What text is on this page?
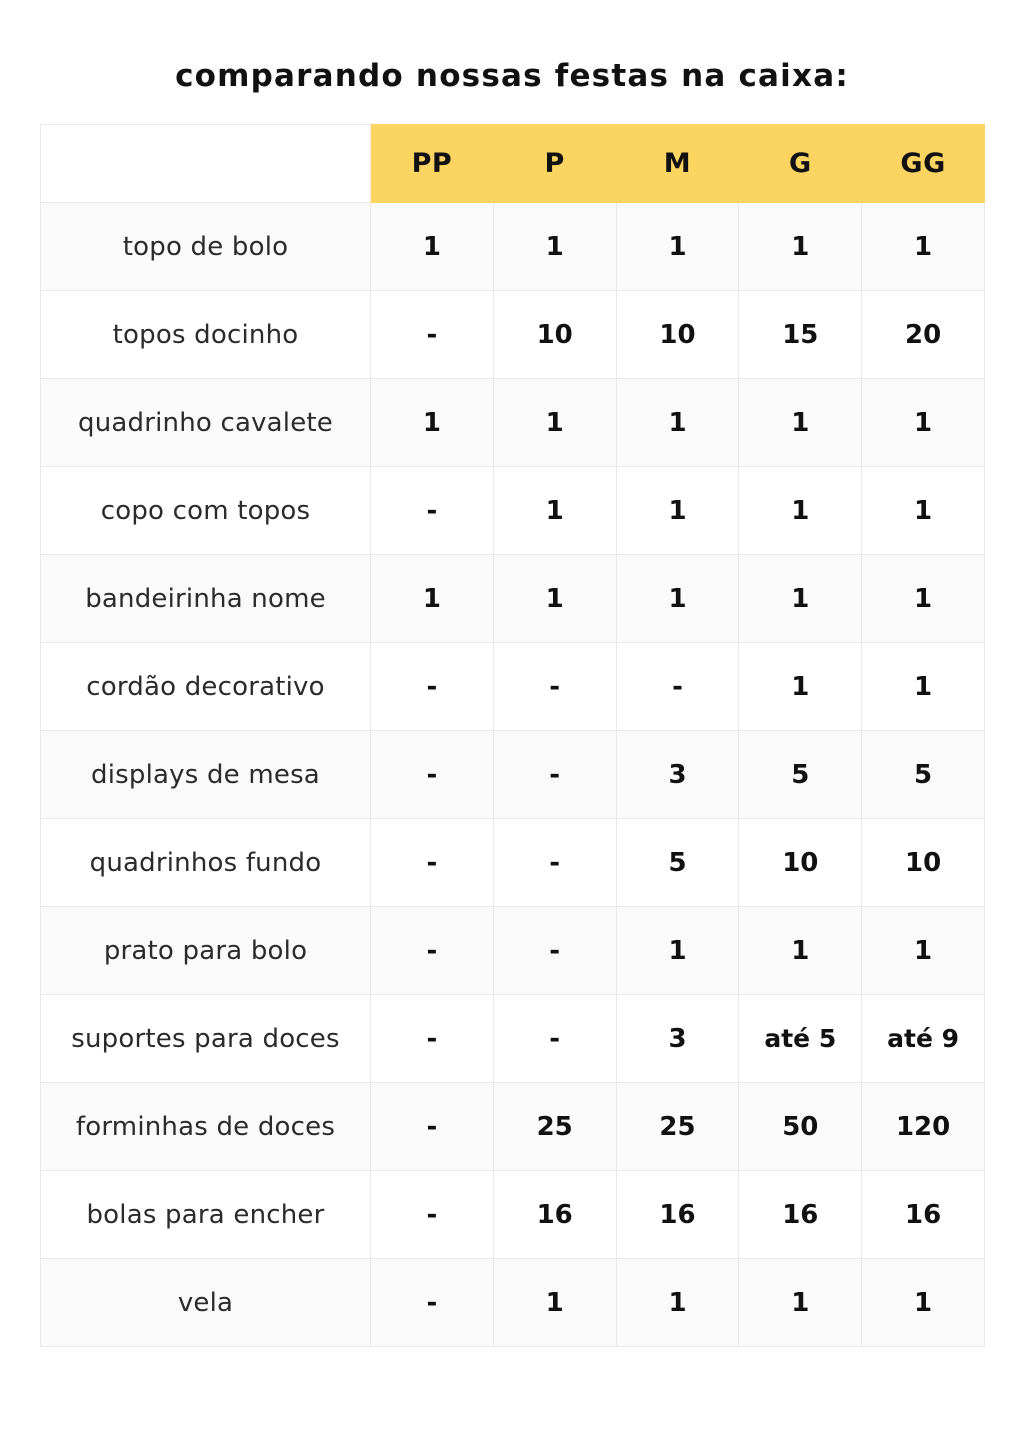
comparando nossas festas na caixa:
	PP	P	M	G	GG
topo de bolo	1	1	1	1	1
topos docinho	-	10	10	15	20
quadrinho cavalete	1	1	1	1	1
copo com topos	-	1	1	1	1
bandeirinha nome	1	1	1	1	1
cordão decorativo	-	-	-	1	1
displays de mesa	-	-	3	5	5
quadrinhos fundo	-	-	5	10	10
prato para bolo	-	-	1	1	1
suportes para doces	-	-	3	até 5	até 9
forminhas de doces	-	25	25	50	120
bolas para encher	-	16	16	16	16
vela	-	1	1	1	1
